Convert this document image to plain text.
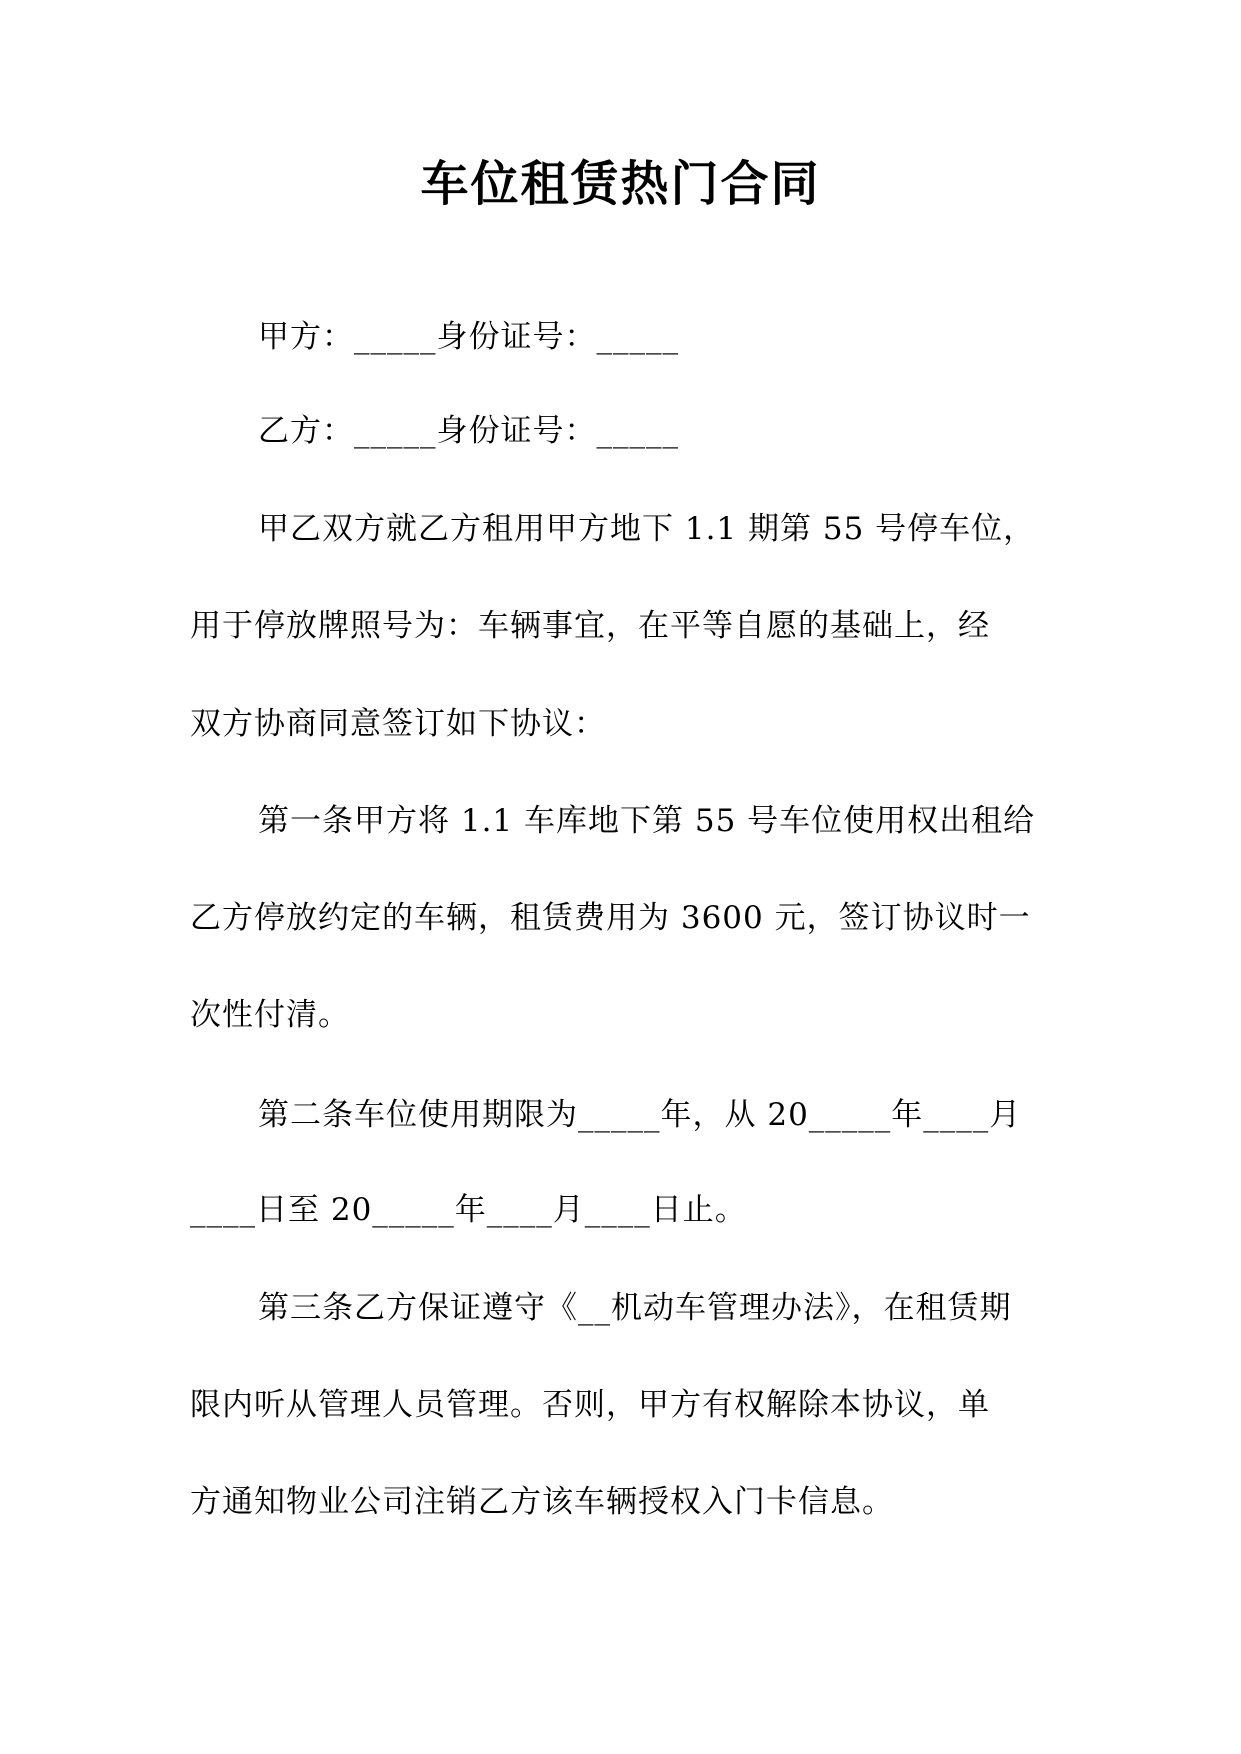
车位租赁热门合同
甲方：_____身份证号：_____
乙方：_____身份证号：_____
甲乙双方就乙方租用甲方地下 1.1 期第 55 号停车位，
用于停放牌照号为：车辆事宜，在平等自愿的基础上，经
双方协商同意签订如下协议：
第一条甲方将 1.1 车库地下第 55 号车位使用权出租给
乙方停放约定的车辆，租赁费用为 3600 元，签订协议时一
次性付清。
第二条车位使用期限为_____年，从 20_____年____月
____日至 20_____年____月____日止。
第三条乙方保证遵守《__机动车管理办法》，在租赁期
限内听从管理人员管理。否则，甲方有权解除本协议，单
方通知物业公司注销乙方该车辆授权入门卡信息。
